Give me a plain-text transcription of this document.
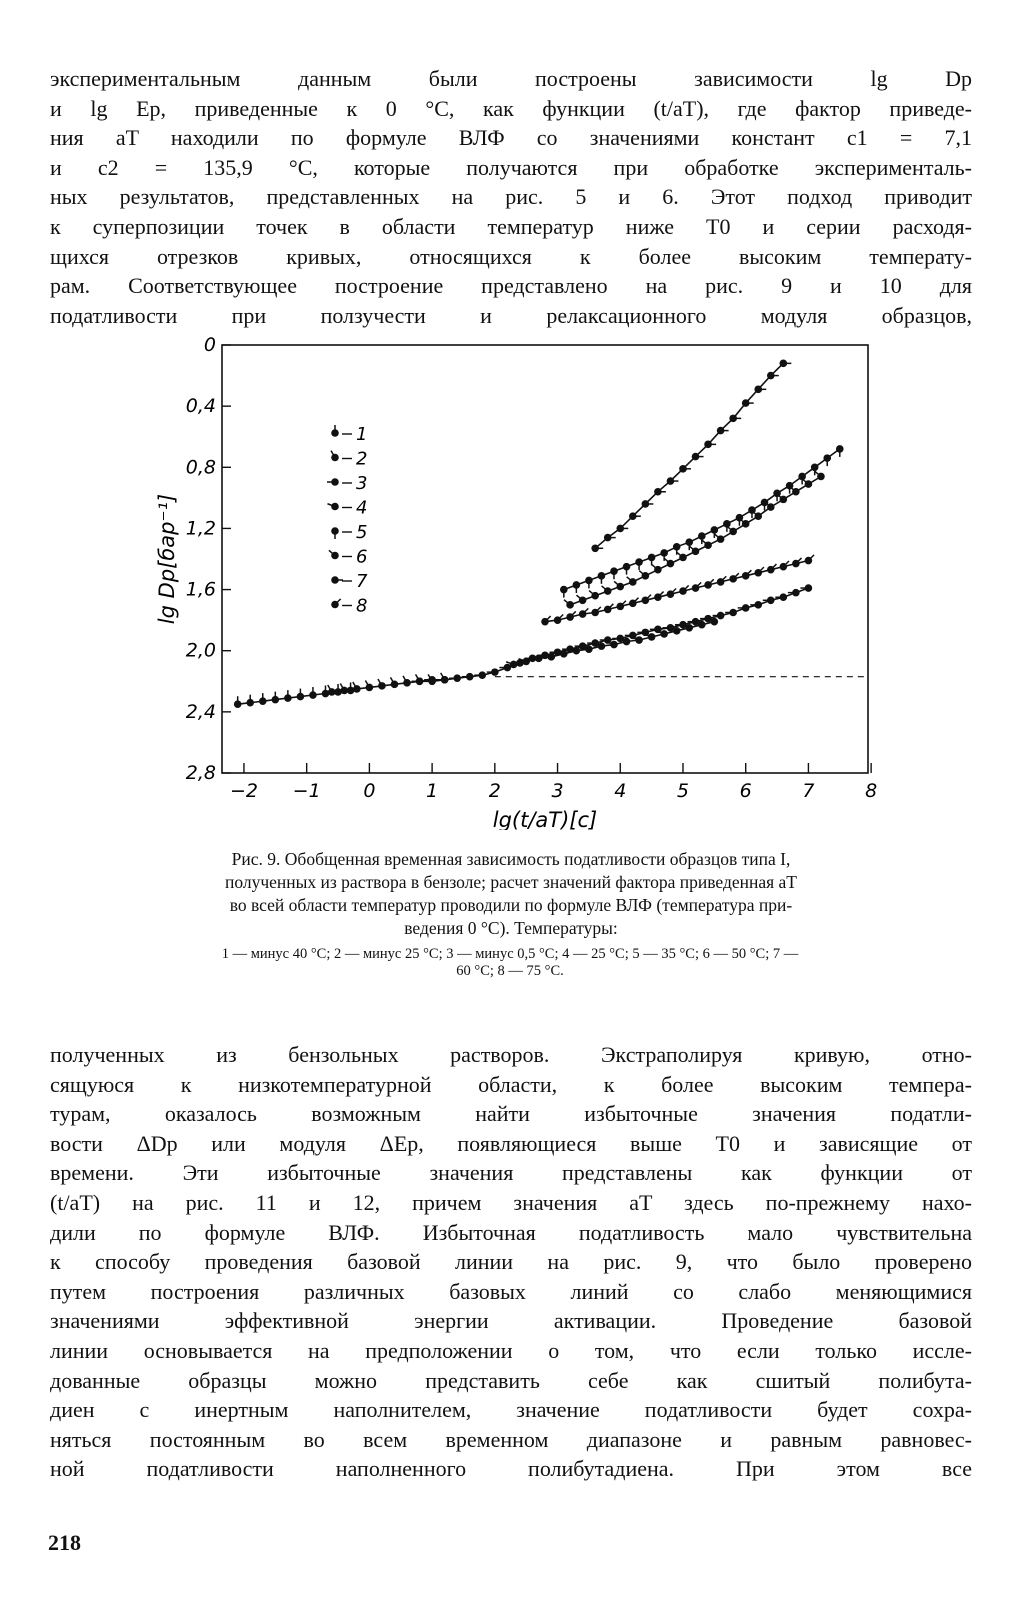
экспериментальным данным были построены зависимости lg Dp
и lg Ep, приведенные к 0 °C, как функции (t/aT), где фактор приведе-
ния aT находили по формуле ВЛФ со значениями констант c1 = 7,1
и c2 = 135,9 °C, которые получаются при обработке эксперименталь-
ных результатов, представленных на рис. 5 и 6. Этот подход приводит
к суперпозиции точек в области температур ниже T0 и серии расходя-
щихся отрезков кривых, относящихся к более высоким температу-
рам. Соответствующее построение представлено на рис. 9 и 10 для
податливости при ползучести и релаксационного модуля образцов,
0
0,4
0,8
1,2
1,6
2,0
2,4
2,8
−2 −1 0	1	2	3	4	5	6	7	8
lg(t/aT)[c]
lg Dp[бар⁻¹]
1
2
3
4
5
6
7
8
Рис. 9. Обобщенная временная зависимость податливости образцов типа I,
полученных из раствора в бензоле; расчет значений фактора приведенная aT
во всей области температур проводили по формуле ВЛФ (температура при-
ведения 0 °C). Температуры:
1 — минус 40 °C; 2 — минус 25 °C; 3 — минус 0,5 °C; 4 — 25 °C; 5 — 35 °C; 6 — 50 °C; 7 —
60 °C; 8 — 75 °C.
полученных из бензольных растворов. Экстраполируя кривую, отно-
сящуюся к низкотемпературной области, к более высоким темпера-
турам, оказалось возможным найти избыточные значения податли-
вости ΔDp или модуля ΔEp, появляющиеся выше T0 и зависящие от
времени. Эти избыточные значения представлены как функции от
(t/aT) на рис. 11 и 12, причем значения aT здесь по-прежнему нахо-
дили по формуле ВЛФ. Избыточная податливость мало чувствительна
к способу проведения базовой линии на рис. 9, что было проверено
путем построения различных базовых линий со слабо меняющимися
значениями эффективной энергии активации. Проведение базовой
линии основывается на предположении о том, что если только иссле-
дованные образцы можно представить себе как сшитый полибута-
диен с инертным наполнителем, значение податливости будет сохра-
няться постоянным во всем временном диапазоне и равным равновес-
ной податливости наполненного полибутадиена. При этом все
218
